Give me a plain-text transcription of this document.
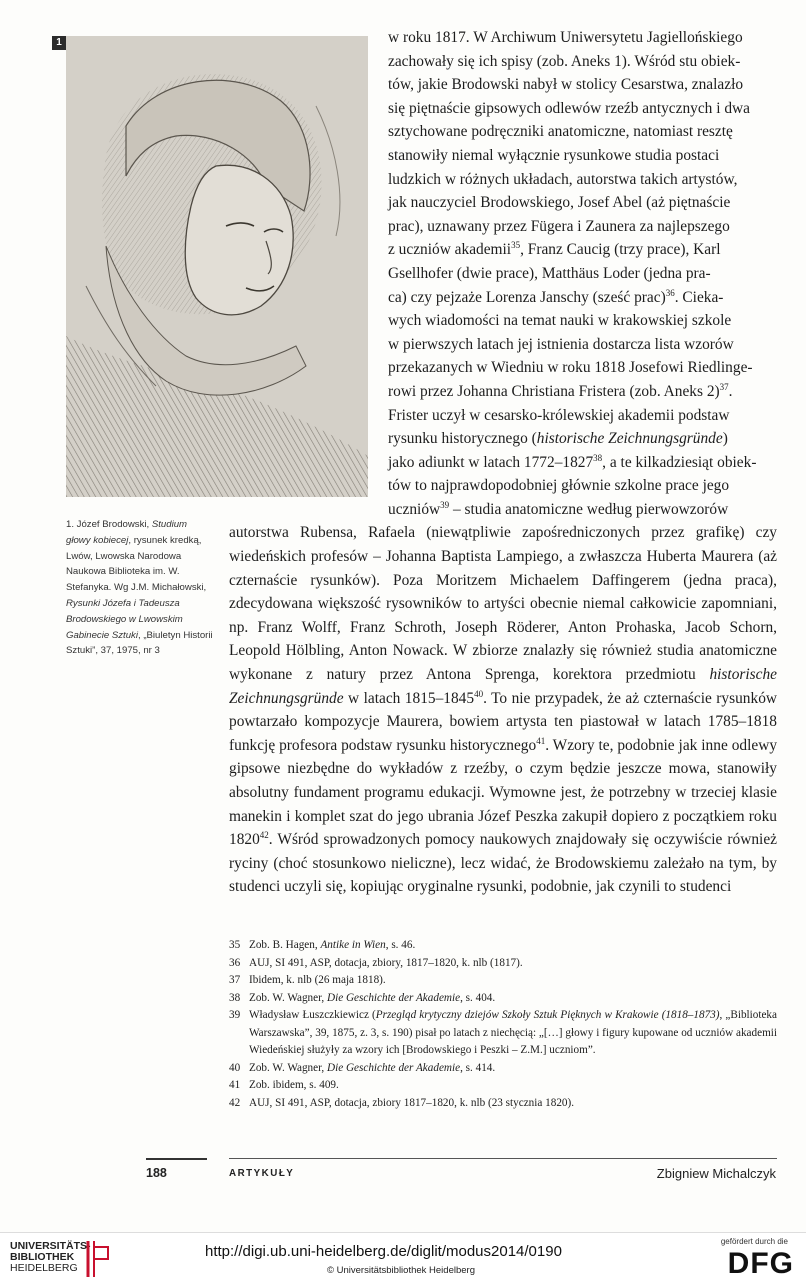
1
1. Józef Brodowski, Studium głowy kobiecej, rysunek kredką, Lwów, Lwowska Narodowa Naukowa Biblioteka im. W. Stefanyka. Wg J.M. Michałowski, Rysunki Józefa i Tadeusza Brodowskiego w Lwowskim Gabinecie Sztuki, „Biuletyn Historii Sztuki”, 37, 1975, nr 3
w roku 1817. W Archiwum Uniwersytetu Jagiellońskiego
zachowały się ich spisy (zob. Aneks 1). Wśród stu obiek-
tów, jakie Brodowski nabył w stolicy Cesarstwa, znalazło
się piętnaście gipsowych odlewów rzeźb antycznych i dwa
sztychowane podręczniki anatomiczne, natomiast resztę
stanowiły niemal wyłącznie rysunkowe studia postaci
ludzkich w różnych układach, autorstwa takich artystów,
jak nauczyciel Brodowskiego, Josef Abel (aż piętnaście
prac), uznawany przez Fügera i Zaunera za najlepszego
z uczniów akademii$^{35}$, Franz Caucig (trzy prace), Karl
Gsellhofer (dwie prace), Matthäus Loder (jedna pra-
ca) czy pejzaże Lorenza Janschy (sześć prac)$^{36}$. Cieka-
wych wiadomości na temat nauki w krakowskiej szkole
w pierwszych latach jej istnienia dostarcza lista wzorów
przekazanych w Wiedniu w roku 1818 Josefowi Riedlinge-
rowi przez Johanna Christiana Fristera (zob. Aneks 2)$^{37}$.
Frister uczył w cesarsko-królewskiej akademii podstaw
rysunku historycznego (historische Zeichnungsgründe)
jako adiunkt w latach 1772–1827$^{38}$, a te kilkadziesiąt obiek-
tów to najprawdopodobniej głównie szkolne prace jego
uczniów$^{39}$ – studia anatomiczne według pierwowzorów

autorstwa Rubensa, Rafaela (niewątpliwie zapośredniczonych przez grafikę) czy wiedeńskich profesów – Johanna Baptista Lampiego, a zwłaszcza Huberta Maurera (aż czternaście rysunków). Poza Moritzem Michaelem Daffingerem (jedna praca), zdecydowana większość rysowników to artyści obecnie niemal całkowicie zapomniani, np. Franz Wolff, Franz Schroth, Joseph Röderer, Anton Prohaska, Jacob Schorn, Leopold Hölbling, Anton Nowack. W zbiorze znalazły się również studia anatomiczne wykonane z natury przez Antona Sprenga, korektora przedmiotu historische Zeichnungsgründe w latach 1815–1845$^{40}$. To nie przypadek, że aż czternaście rysunków powtarzało kompozycje Maurera, bowiem artysta ten piastował w latach 1785–1818 funkcję profesora podstaw rysunku historycznego$^{41}$. Wzory te, podobnie jak inne odlewy gipsowe niezbędne do wykładów z rzeźby, o czym będzie jeszcze mowa, stanowiły absolutny fundament programu edukacji. Wymowne jest, że potrzebny w trzeciej klasie manekin i komplet szat do jego ubrania Józef Peszka zakupił dopiero z początkiem roku 1820$^{42}$. Wśród sprowadzonych pomocy naukowych znajdowały się oczywiście również ryciny (choć stosunkowo nieliczne), lecz widać, że Brodowskiemu zależało na tym, by studenci uczyli się, kopiując oryginalne rysunki, podobnie, jak czynili to studenci

35 Zob. B. Hagen, Antike in Wien, s. 46.
36 AUJ, SI 491, ASP, dotacja, zbiory, 1817–1820, k. nlb (1817).
37 Ibidem, k. nlb (26 maja 1818).
38 Zob. W. Wagner, Die Geschichte der Akademie, s. 404.
39 Władysław Łuszczkiewicz (Przegląd krytyczny dziejów Szkoły Sztuk Pięknych w Krakowie (1818–1873), „Biblioteka Warszawska”, 39, 1875, z. 3, s. 190) pisał po latach z niechęcią: „[…] głowy i figury kupowane od uczniów akademii Wiedeńskiej służyły za wzory ich [Brodowskiego i Peszki – Z.M.] uczniom”.
40 Zob. W. Wagner, Die Geschichte der Akademie, s. 414.
41 Zob. ibidem, s. 409.
42 AUJ, SI 491, ASP, dotacja, zbiory 1817–1820, k. nlb (23 stycznia 1820).
188	ARTYKUŁY	Zbigniew Michalczyk
UNIVERSITÄTS-
BIBLIOTHEK
HEIDELBERG
http://digi.ub.uni-heidelberg.de/diglit/modus2014/0190
© Universitätsbibliothek Heidelberg
gefördert durch die
DFG
